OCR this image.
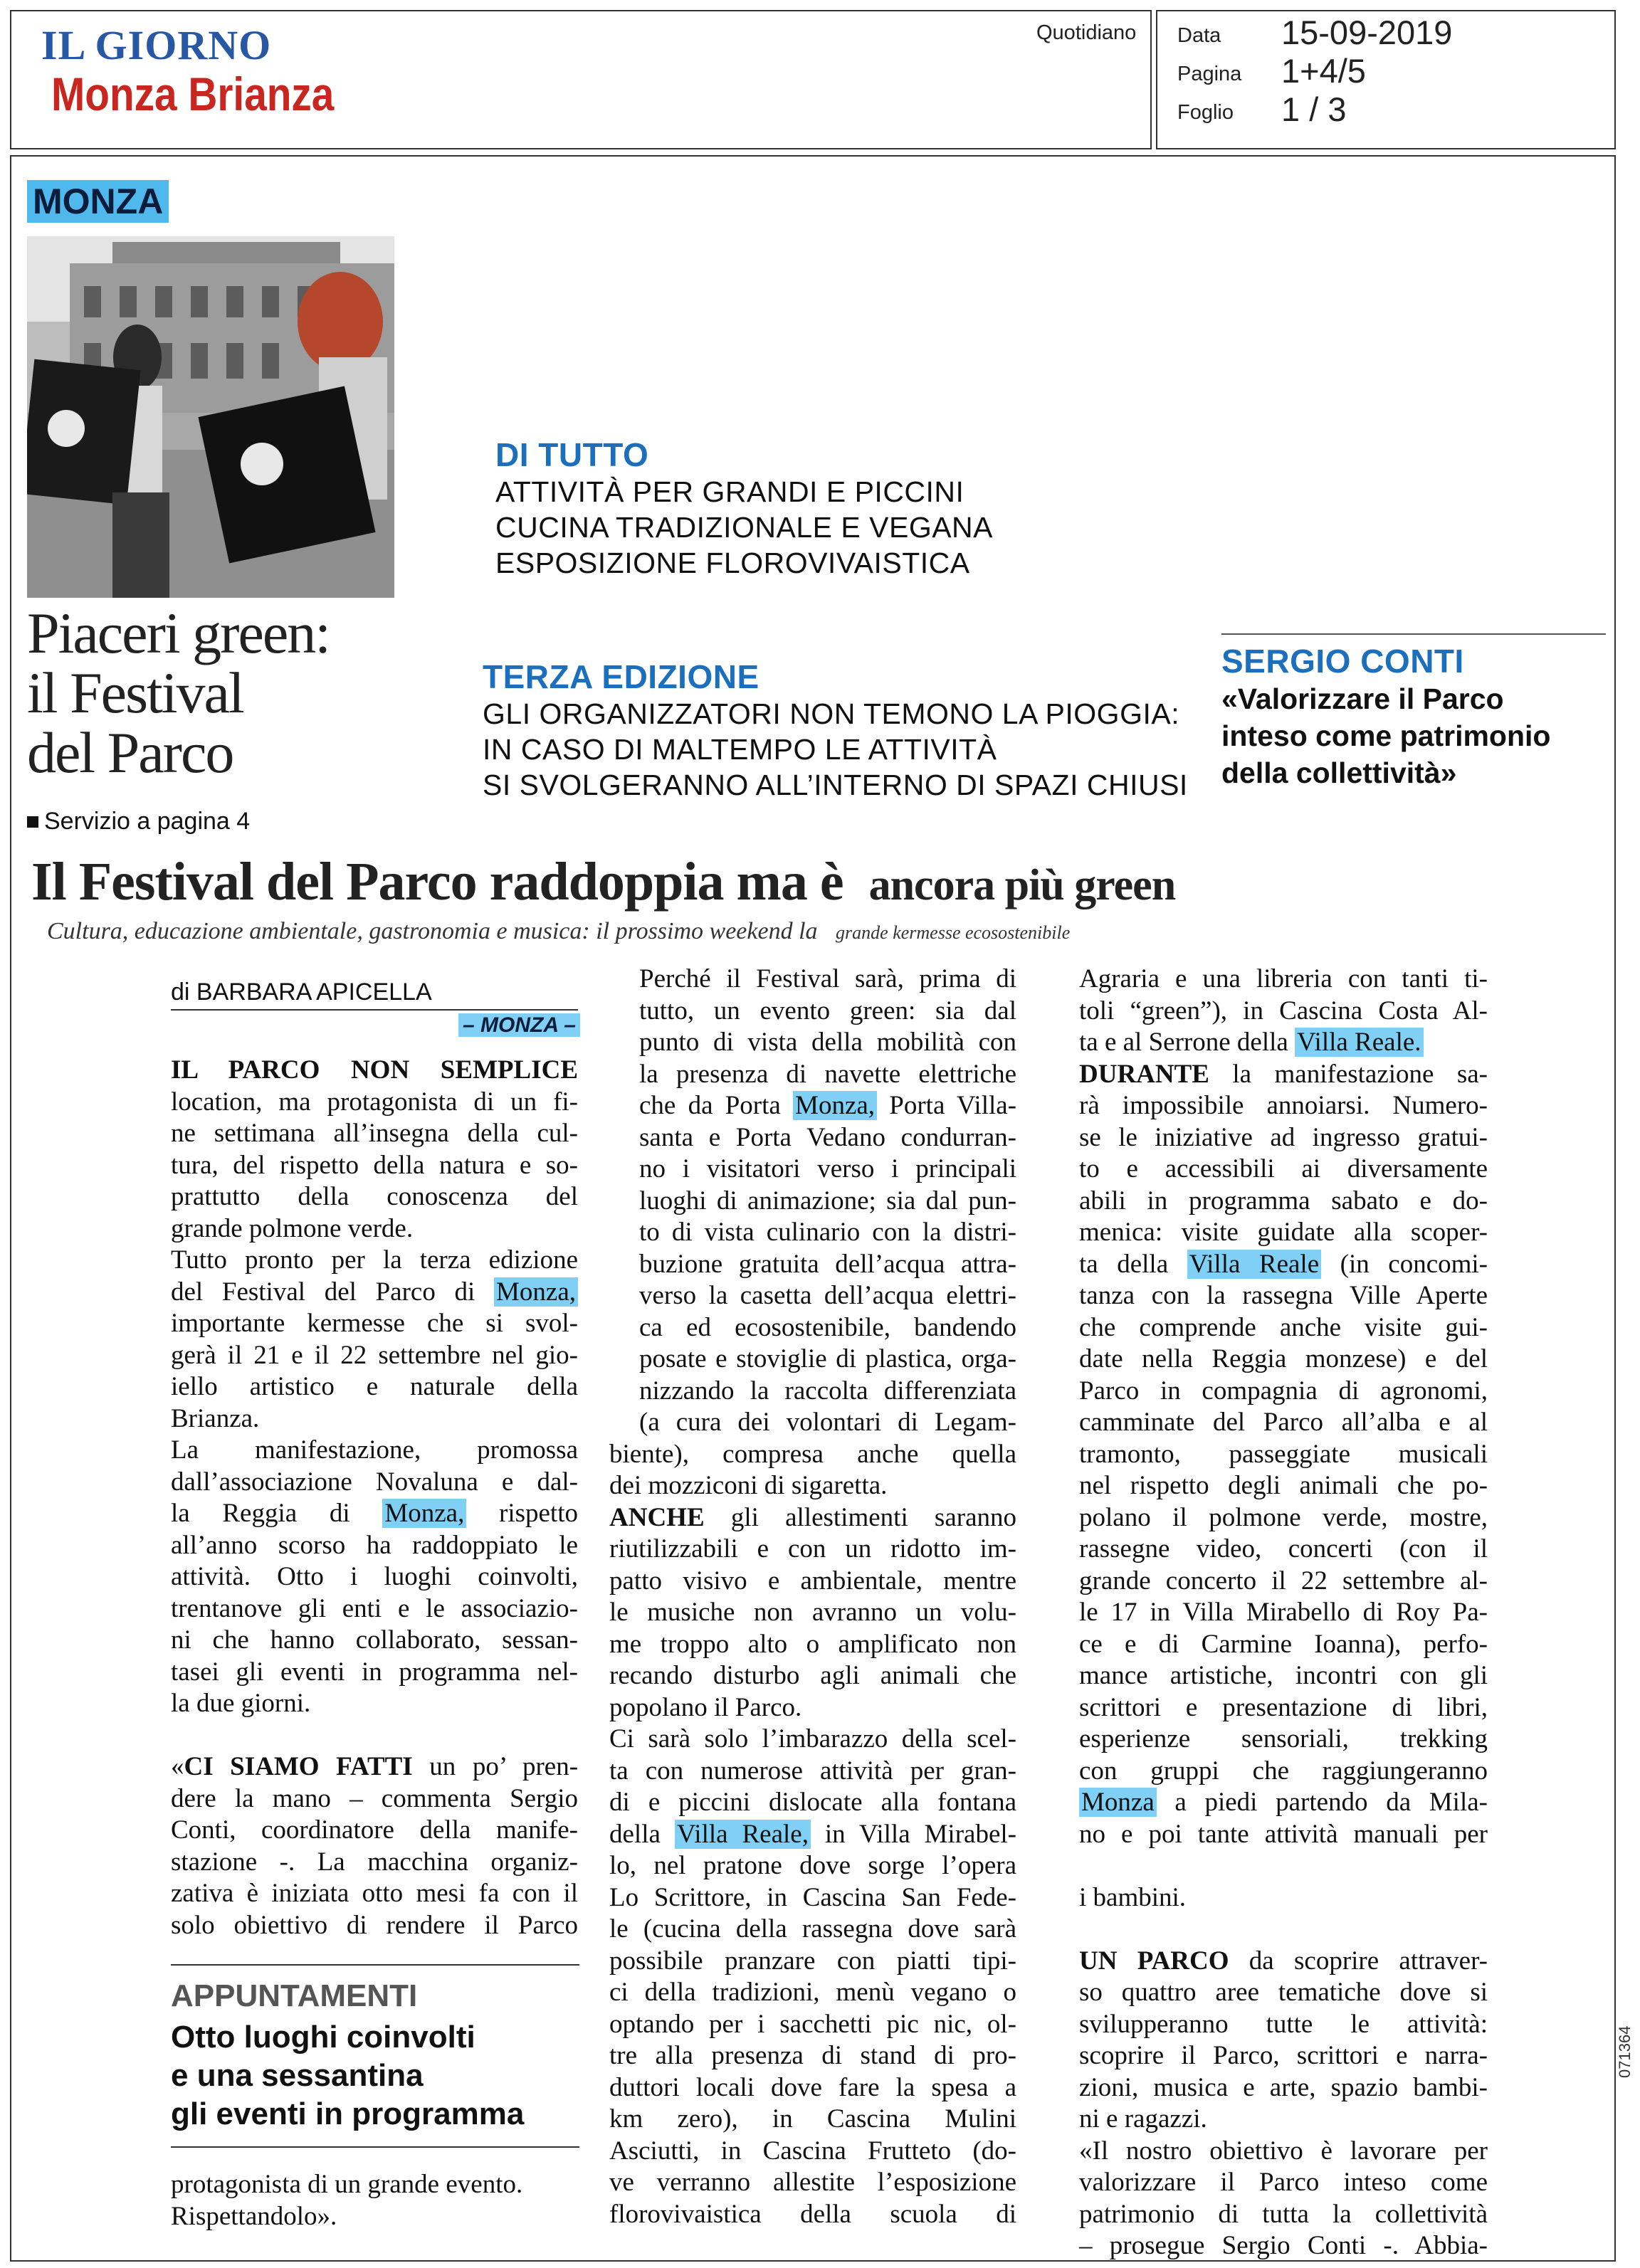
IL GIORNO
Monza Brianza
Quotidiano Data 15-09-2019
Pagina 1+4/5
Foglio 1 / 3
MONZA
Piaceri green:
il Festival
del Parco
Servizio a pagina 4
DI TUTTO
ATTIVITÀ PER GRANDI E PICCINI
CUCINA TRADIZIONALE E VEGANA
ESPOSIZIONE FLOROVIVAISTICA
TERZA EDIZIONE
GLI ORGANIZZATORI NON TEMONO LA PIOGGIA:
IN CASO DI MALTEMPO LE ATTIVITÀ
SI SVOLGERANNO ALL’INTERNO DI SPAZI CHIUSI
SERGIO CONTI
«Valorizzare il Parco
inteso come patrimonio
della collettività»
Il Festival del Parco raddoppia ma è ancora più green
Cultura, educazione ambientale, gastronomia e musica: il prossimo weekend la grande kermesse ecosostenibile
di BARBARA APICELLA
– MONZA –
IL PARCO NON SEMPLICE
location, ma protagonista di un fi-
ne settimana all’insegna della cul-
tura, del rispetto della natura e so-
prattutto della conoscenza del
grande polmone verde.
Tutto pronto per la terza edizione
del Festival del Parco di Monza,
importante kermesse che si svol-
gerà il 21 e il 22 settembre nel gio-
iello artistico e naturale della
Brianza.
La manifestazione, promossa
dall’associazione Novaluna e dal-
la Reggia di Monza, rispetto
all’anno scorso ha raddoppiato le
attività. Otto i luoghi coinvolti,
trentanove gli enti e le associazio-
ni che hanno collaborato, sessan-
tasei gli eventi in programma nel-
la due giorni.

«CI SIAMO FATTI un po’ pren-
dere la mano – commenta Sergio
Conti, coordinatore della manife-
stazione -. La macchina organiz-
zativa è iniziata otto mesi fa con il
solo obiettivo di rendere il Parco
APPUNTAMENTI
Otto luoghi coinvolti
e una sessantina
gli eventi in programma
protagonista di un grande evento.
Rispettandolo».
Perché il Festival sarà, prima di
tutto, un evento green: sia dal
punto di vista della mobilità con
la presenza di navette elettriche
che da Porta Monza, Porta Villa-
santa e Porta Vedano condurran-
no i visitatori verso i principali
luoghi di animazione; sia dal pun-
to di vista culinario con la distri-
buzione gratuita dell’acqua attra-
verso la casetta dell’acqua elettri-
ca ed ecosostenibile, bandendo
posate e stoviglie di plastica, orga-
nizzando la raccolta differenziata
(a cura dei volontari di Legam-
biente), compresa anche quella
dei mozziconi di sigaretta.
ANCHE gli allestimenti saranno
riutilizzabili e con un ridotto im-
patto visivo e ambientale, mentre
le musiche non avranno un volu-
me troppo alto o amplificato non
recando disturbo agli animali che
popolano il Parco.
Ci sarà solo l’imbarazzo della scel-
ta con numerose attività per gran-
di e piccini dislocate alla fontana
della Villa Reale, in Villa Mirabel-
lo, nel pratone dove sorge l’opera
Lo Scrittore, in Cascina San Fede-
le (cucina della rassegna dove sarà
possibile pranzare con piatti tipi-
ci della tradizioni, menù vegano o
optando per i sacchetti pic nic, ol-
tre alla presenza di stand di pro-
duttori locali dove fare la spesa a
km zero), in Cascina Mulini
Asciutti, in Cascina Frutteto (do-
ve verranno allestite l’esposizione
florovivaistica della scuola di
Agraria e una libreria con tanti ti-
toli “green”), in Cascina Costa Al-
ta e al Serrone della Villa Reale.
DURANTE la manifestazione sa-
rà impossibile annoiarsi. Numero-
se le iniziative ad ingresso gratui-
to e accessibili ai diversamente
abili in programma sabato e do-
menica: visite guidate alla scoper-
ta della Villa Reale (in concomi-
tanza con la rassegna Ville Aperte
che comprende anche visite gui-
date nella Reggia monzese) e del
Parco in compagnia di agronomi,
camminate del Parco all’alba e al
tramonto, passeggiate musicali
nel rispetto degli animali che po-
polano il polmone verde, mostre,
rassegne video, concerti (con il
grande concerto il 22 settembre al-
le 17 in Villa Mirabello di Roy Pa-
ce e di Carmine Ioanna), perfo-
mance artistiche, incontri con gli
scrittori e presentazione di libri,
esperienze sensoriali, trekking
con gruppi che raggiungeranno
Monza a piedi partendo da Mila-
no e poi tante attività manuali per

i bambini.

UN PARCO da scoprire attraver-
so quattro aree tematiche dove si
svilupperanno tutte le attività:
scoprire il Parco, scrittori e narra-
zioni, musica e arte, spazio bambi-
ni e ragazzi.
«Il nostro obiettivo è lavorare per
valorizzare il Parco inteso come
patrimonio di tutta la collettività
– prosegue Sergio Conti -. Abbia-
071364
